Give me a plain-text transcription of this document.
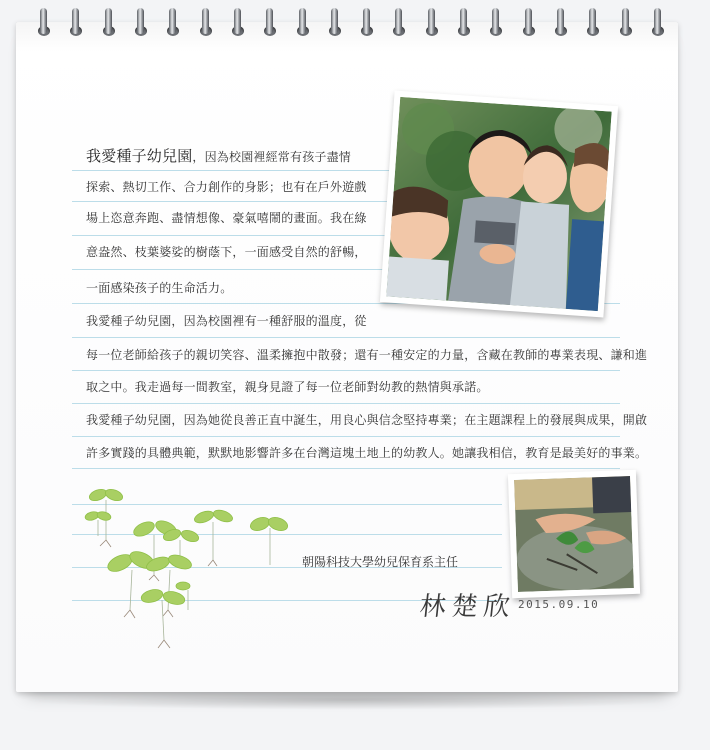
我愛種子幼兒園，因為校園裡經常有孩子盡情
探索、熱切工作、合力創作的身影；也有在戶外遊戲
場上恣意奔跑、盡情想像、豪氣嘻鬧的畫面。我在綠
意盎然、枝葉婆娑的樹蔭下，一面感受自然的舒暢，
一面感染孩子的生命活力。
我愛種子幼兒園，因為校園裡有一種舒服的溫度，從
每一位老師給孩子的親切笑容、溫柔擁抱中散發；還有一種安定的力量，含藏在教師的專業表現、謙和進
取之中。我走過每一間教室，親身見證了每一位老師對幼教的熱情與承諾。
我愛種子幼兒園，因為她從良善正直中誕生，用良心與信念堅持專業；在主題課程上的發展與成果，開啟
許多實踐的具體典範，默默地影響許多在台灣這塊土地上的幼教人。她讓我相信，教育是最美好的事業。
朝陽科技大學幼兒保育系主任
林楚欣 2015.09.10
